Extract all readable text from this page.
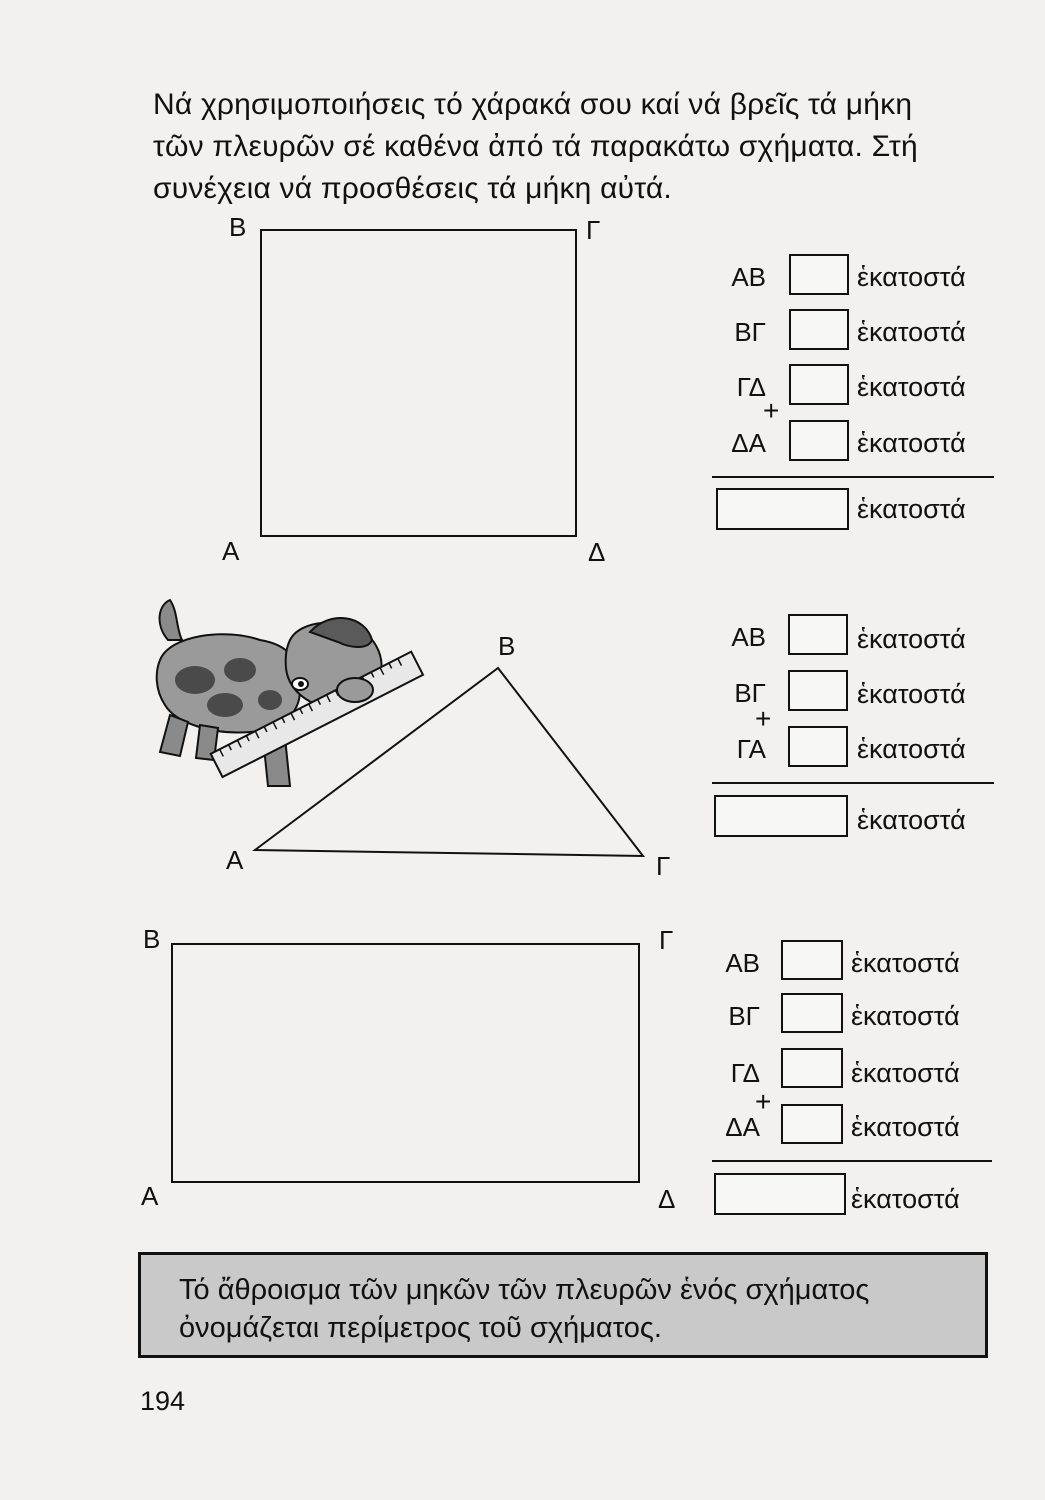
Νά χρησιμοποιήσεις τό χάρακά σου καί νά βρεῖς τά μήκη
τῶν πλευρῶν σέ καθένα ἀπό τά παρακάτω σχήματα. Στή
συνέχεια νά προσθέσεις τά μήκη αὐτά.
Β	Γ
Α	Δ
ΑΒ	ἑκατοστά
ΒΓ	ἑκατοστά
ΓΔ	ἑκατοστά
+
ΔΑ	ἑκατοστά
ἑκατοστά
Β
Α	Γ
ΑΒ	ἑκατοστά
ΒΓ	ἑκατοστά
+
ΓΑ	ἑκατοστά
ἑκατοστά
Β	Γ
Α	Δ
ΑΒ	ἑκατοστά
ΒΓ	ἑκατοστά
ΓΔ	ἑκατοστά
+
ΔΑ	ἑκατοστά
ἑκατοστά
Τό ἄθροισμα τῶν μηκῶν τῶν πλευρῶν ἑνός σχήματος
ὀνομάζεται περίμετρος τοῦ σχήματος.
194
